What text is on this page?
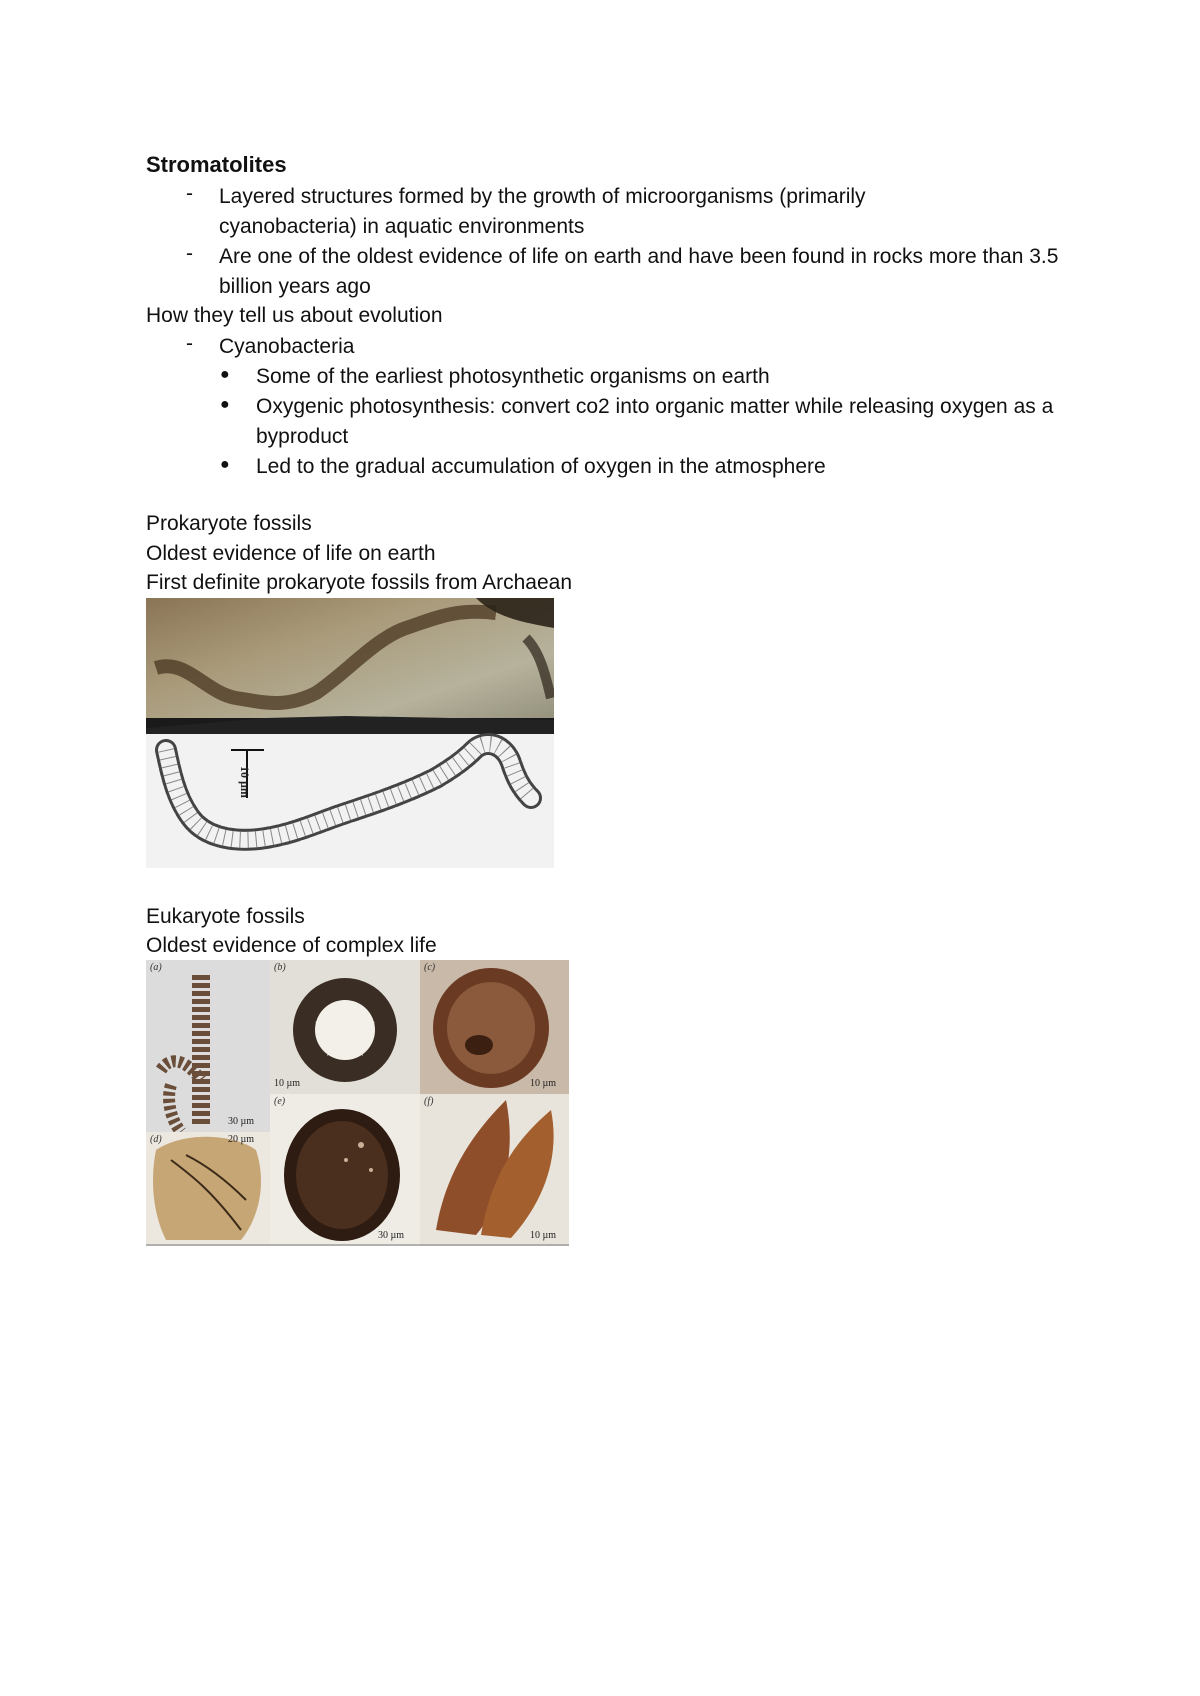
Stromatolites
- Layered structures formed by the growth of microorganisms (primarily cyanobacteria) in aquatic environments
- Are one of the oldest evidence of life on earth and have been found in rocks more than 3.5 billion years ago
How they tell us about evolution
- Cyanobacteria
● Some of the earliest photosynthetic organisms on earth
● Oxygenic photosynthesis: convert co2 into organic matter while releasing oxygen as a byproduct
● Led to the gradual accumulation of oxygen in the atmosphere
Prokaryote fossils
Oldest evidence of life on earth
First definite prokaryote fossils from Archaean
10 µm
Eukaryote fossils
Oldest evidence of complex life
(a)
30 µm
(b)
10 µm
(c)
10 µm
(d)	20 µm
(e)
30 µm
(f)
10 µm
